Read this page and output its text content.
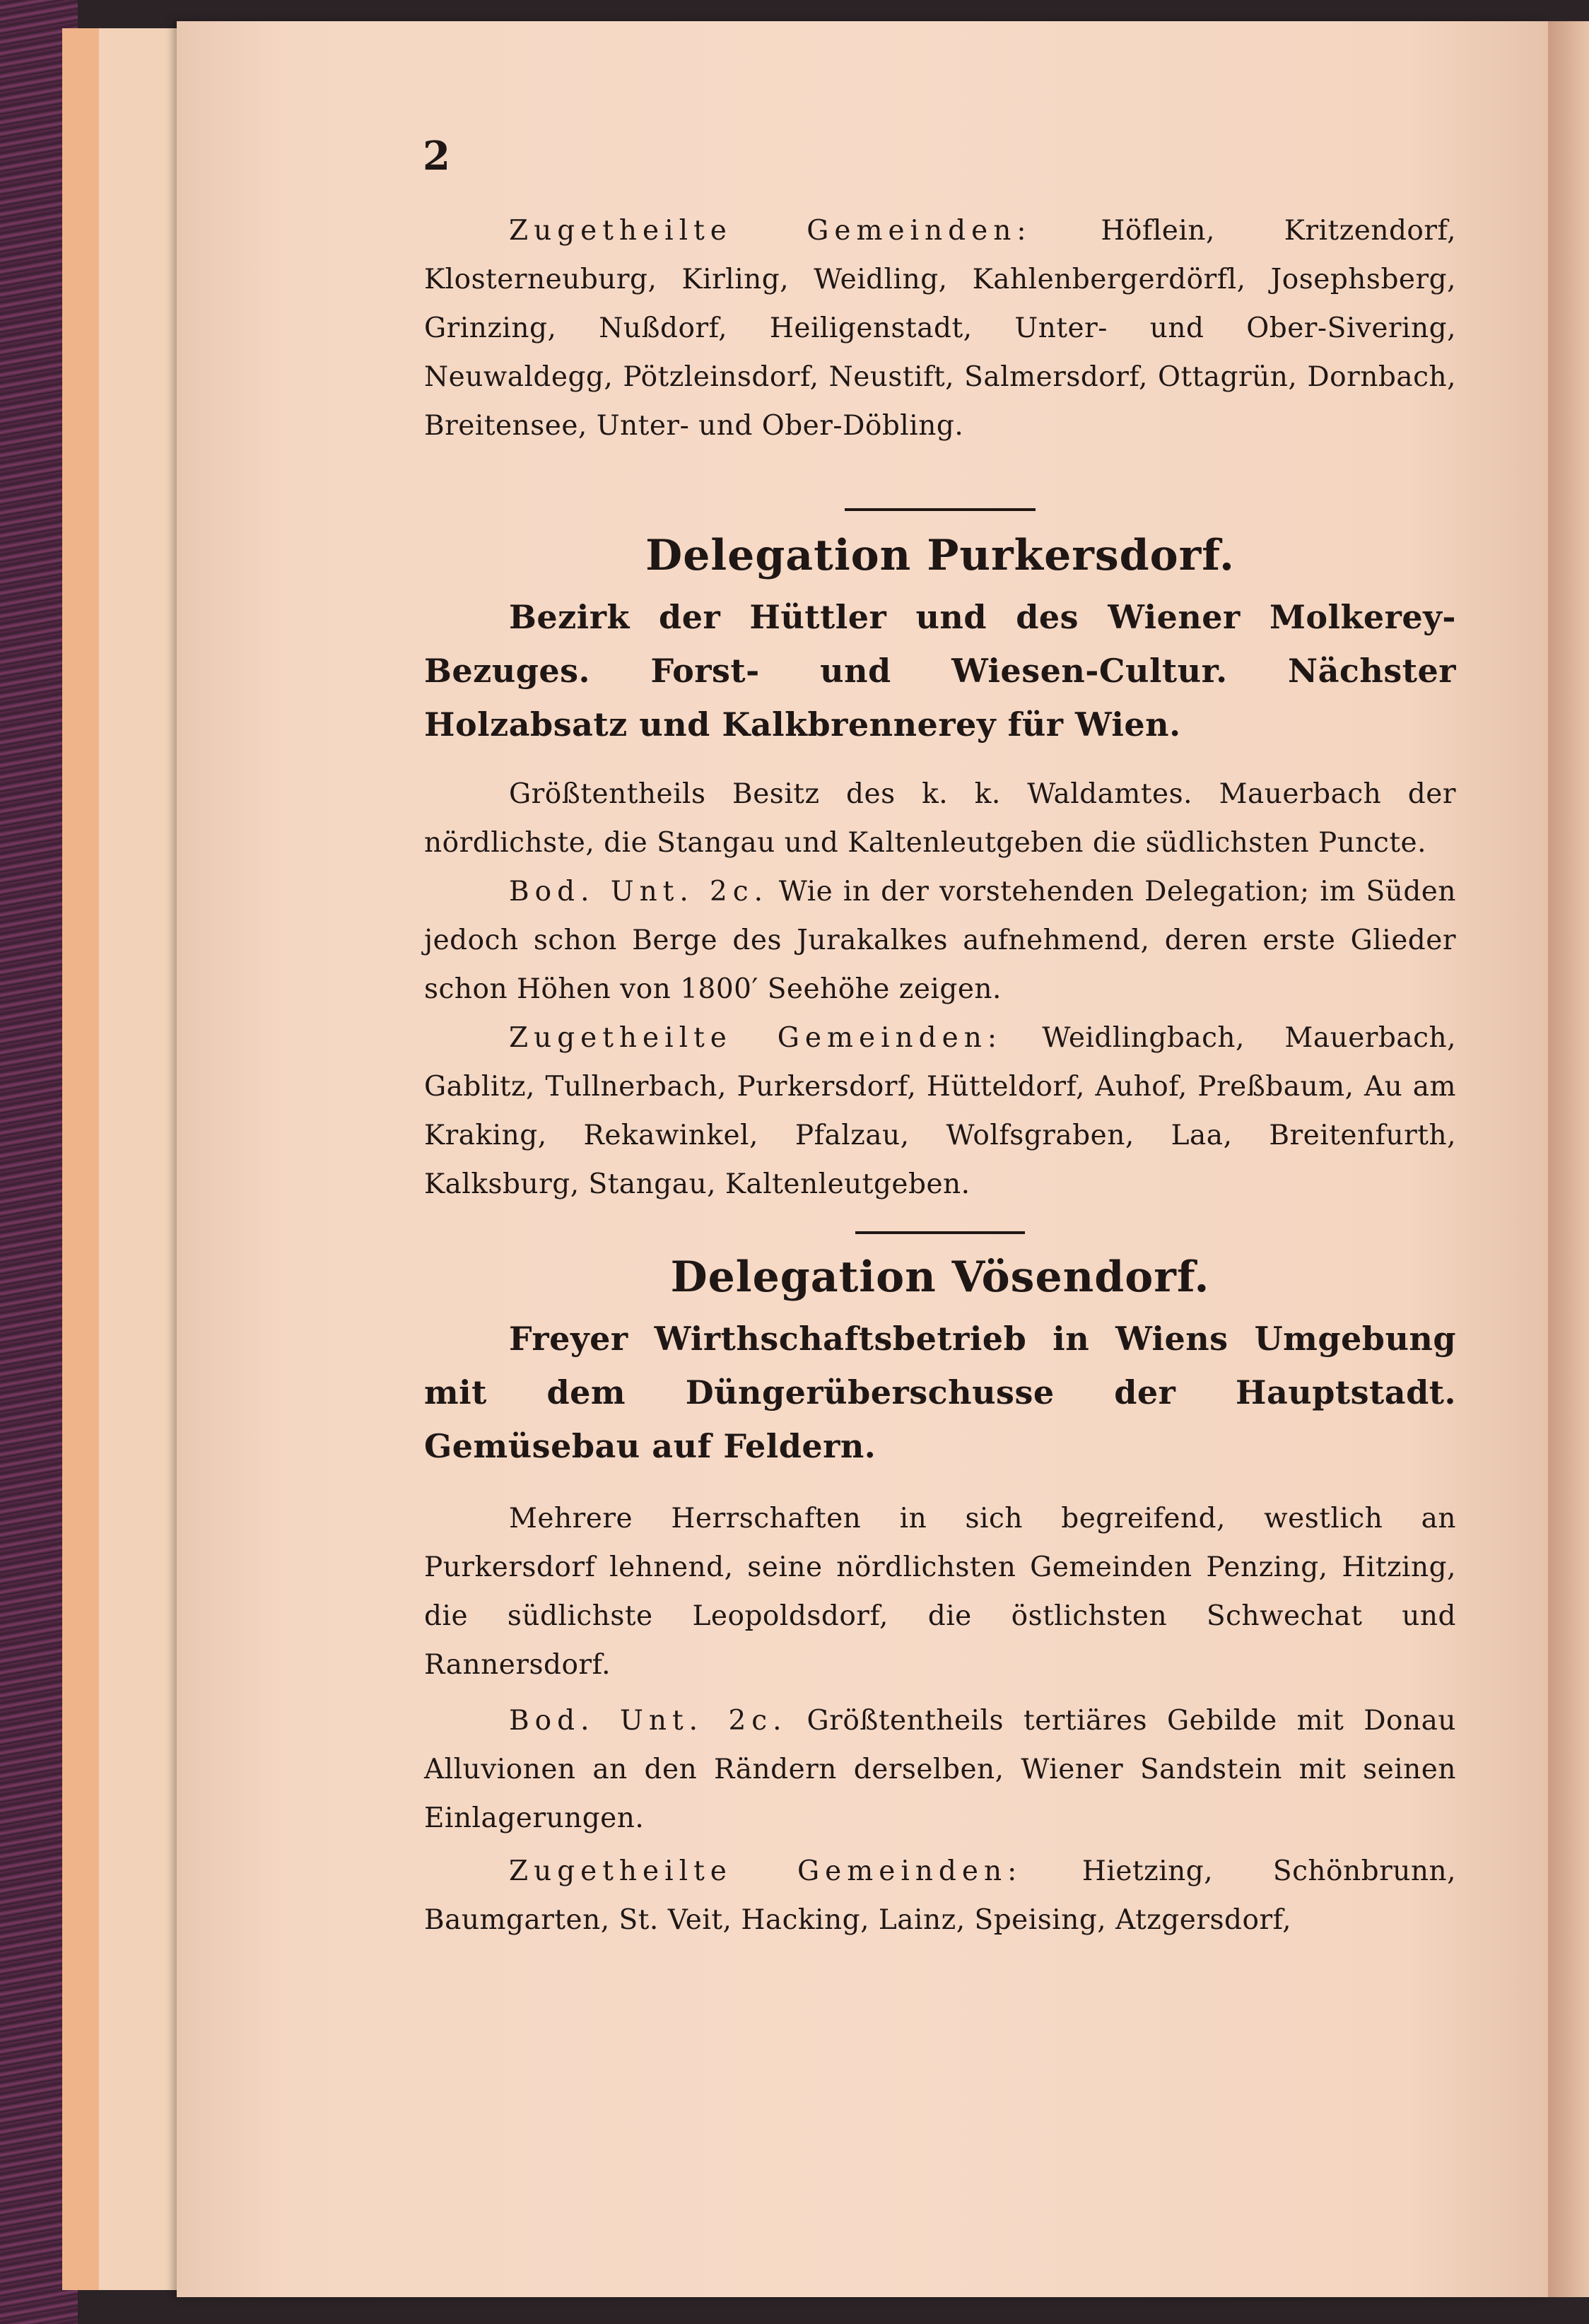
2

Zugetheilte Gemeinden:	Höflein, Kritzendorf, Klosterneuburg, Kirling, Weidling, Kahlenbergerdörfl, Josephsberg, Grinzing, Nußdorf, Heiligenstadt, Unter- und Ober-Sivering, Neuwaldegg, Pötzleinsdorf, Neustift, Salmersdorf, Ottagrün, Dornbach, Breitensee, Unter- und Ober-Döbling.

Delegation Purkersdorf.

Bezirk der Hüttler und des Wiener Molkerey-Bezuges. Forst- und Wiesen-Cultur. Nächster Holzabsatz und Kalkbrennerey für Wien.

Größtentheils Besitz des k. k. Waldamtes. Mauerbach der nördlichste, die Stangau und Kaltenleutgeben die südlichsten Puncte.

Bod. Unt. 2c. Wie in der vorstehenden Delegation; im Süden jedoch schon Berge des Jurakalkes aufnehmend, deren erste Glieder schon Höhen von 1800′ Seehöhe zeigen.

Zugetheilte Gemeinden: Weidlingbach, Mauerbach, Gablitz, Tullnerbach, Purkersdorf, Hütteldorf, Auhof, Preßbaum, Au am Kraking, Rekawinkel, Pfalzau, Wolfsgraben, Laa, Breitenfurth, Kalksburg, Stangau, Kaltenleutgeben.

Delegation Vösendorf.

Freyer Wirthschaftsbetrieb in Wiens Umgebung mit dem Düngerüberschusse der Hauptstadt. Gemüsebau auf Feldern.

Mehrere Herrschaften in sich begreifend, westlich an Purkersdorf lehnend, seine nördlichsten Gemeinden Penzing, Hitzing, die südlichste Leopoldsdorf, die östlichsten Schwechat und Rannersdorf.

Bod. Unt. 2c. Größtentheils tertiäres Gebilde mit Donau Alluvionen an den Rändern derselben, Wiener Sandstein mit seinen Einlagerungen.

Zugetheilte Gemeinden: Hietzing, Schönbrunn, Baumgarten, St. Veit, Hacking, Lainz, Speising, Atzgersdorf,
